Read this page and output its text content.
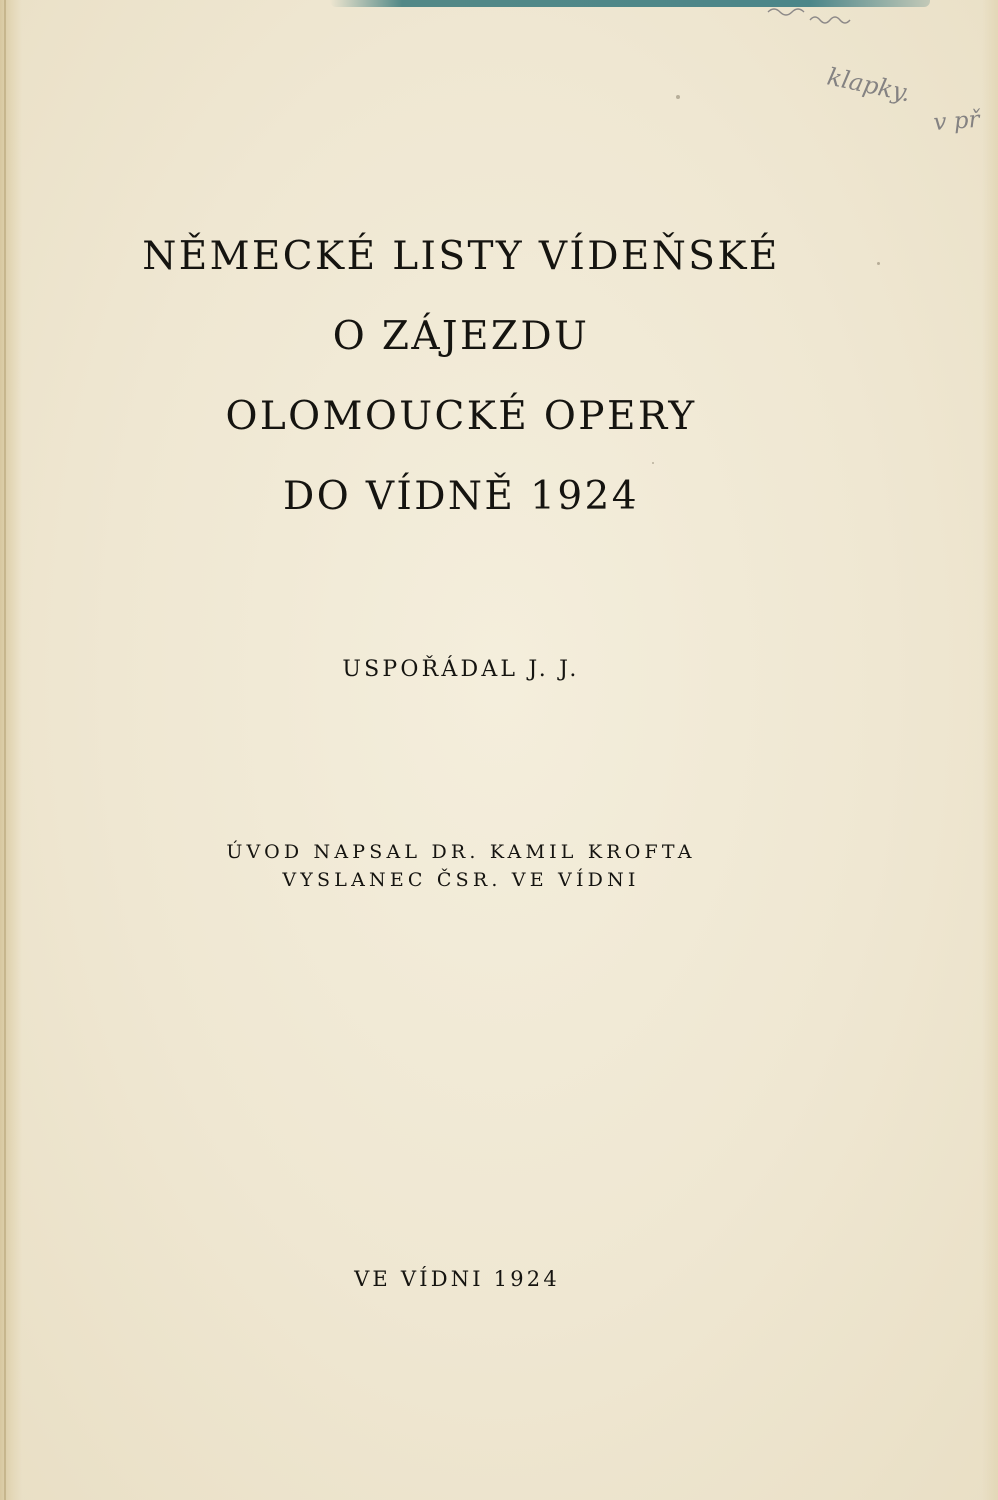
klapky.
v př
NĚMECKÉ LISTY VÍDEŇSKÉ
O ZÁJEZDU
OLOMOUCKÉ OPERY
DO VÍDNĚ 1924
USPOŘÁDAL J. J.
ÚVOD NAPSAL DR. KAMIL KROFTA
VYSLANEC ČSR. VE VÍDNI
VE VÍDNI 1924
